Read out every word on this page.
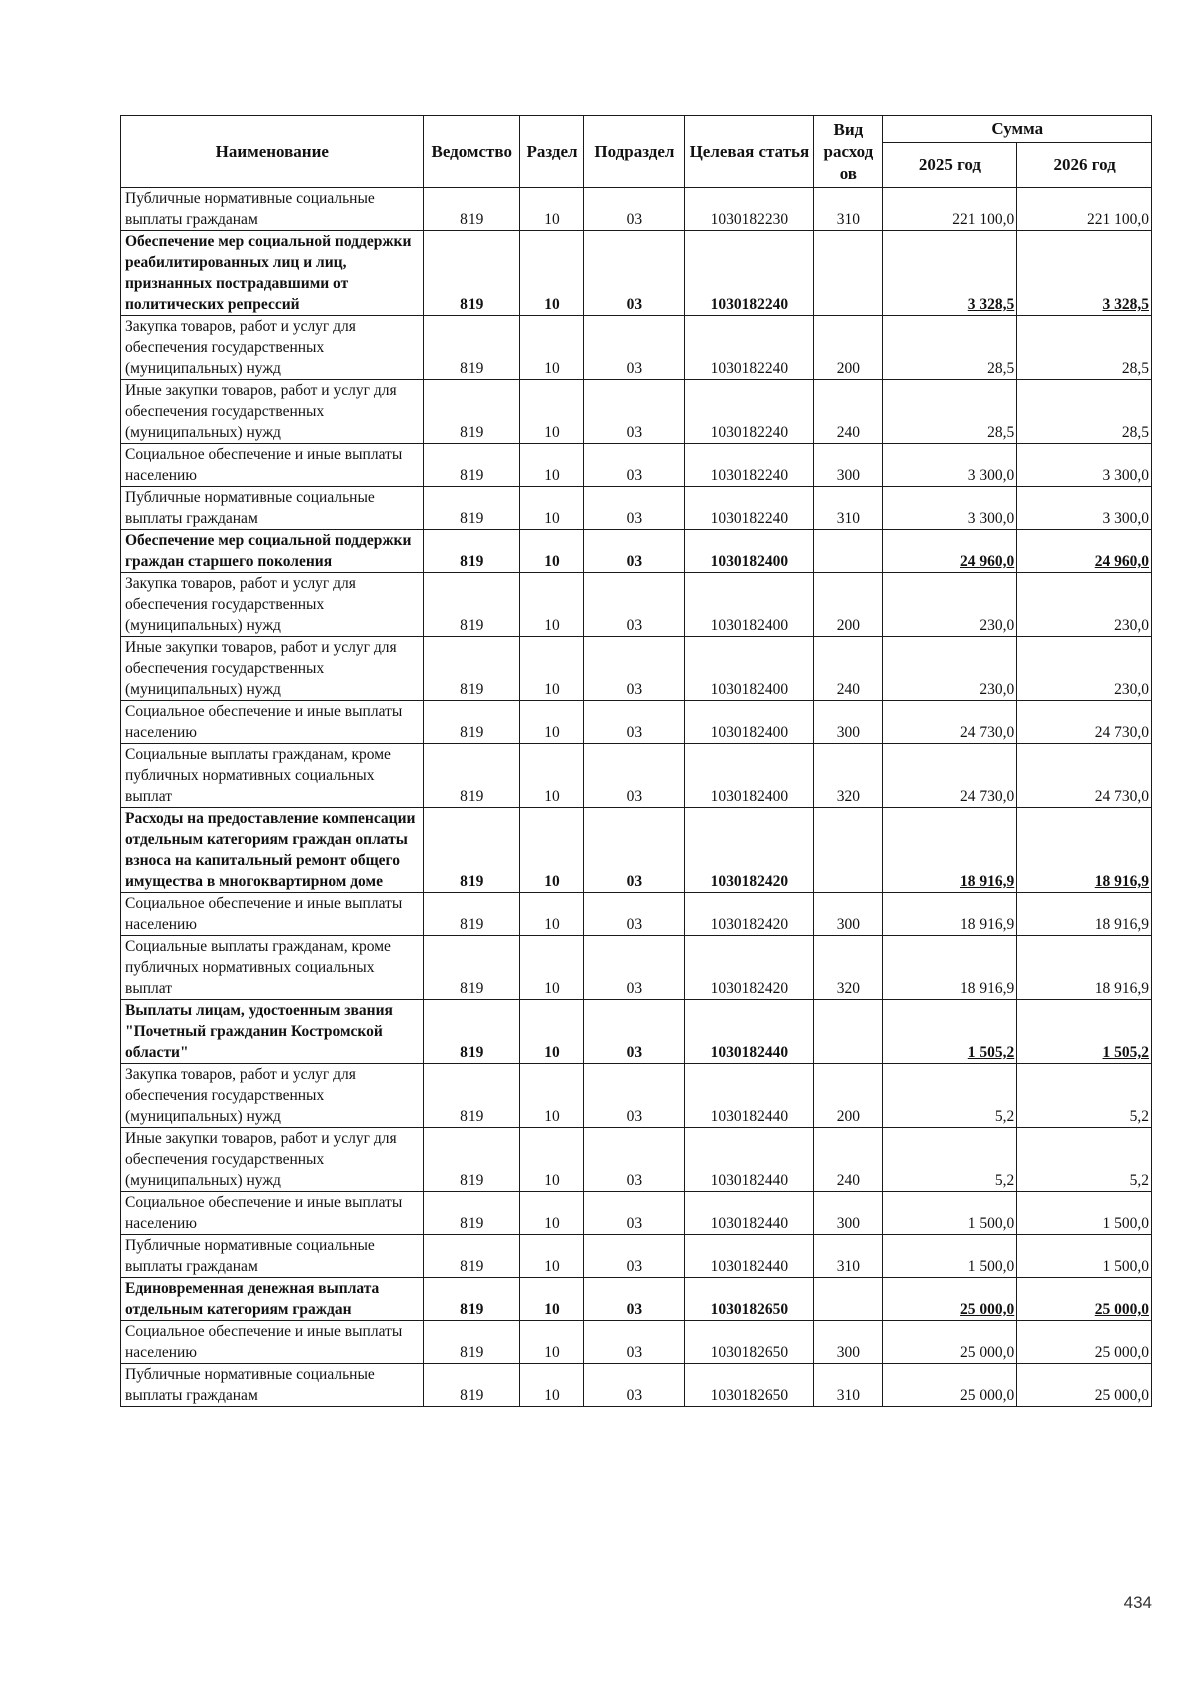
Наименование	Ведомство	Раздел	Подраздел	Целевая статья	Вид расход ов	Сумма	
						2025 год	2026 год
Публичные нормативные социальные выплаты гражданам	819	10	03	1030182230	310	221 100,0	221 100,0
Обеспечение мер социальной поддержки реабилитированных лиц и лиц, признанных пострадавшими от политических репрессий	819	10	03	1030182240		3 328,5	3 328,5
Закупка товаров, работ и услуг для обеспечения государственных (муниципальных) нужд	819	10	03	1030182240	200	28,5	28,5
Иные закупки товаров, работ и услуг для обеспечения государственных (муниципальных) нужд	819	10	03	1030182240	240	28,5	28,5
Социальное обеспечение и иные выплаты населению	819	10	03	1030182240	300	3 300,0	3 300,0
Публичные нормативные социальные выплаты гражданам	819	10	03	1030182240	310	3 300,0	3 300,0
Обеспечение мер социальной поддержки граждан старшего поколения	819	10	03	1030182400		24 960,0	24 960,0
Закупка товаров, работ и услуг для обеспечения государственных (муниципальных) нужд	819	10	03	1030182400	200	230,0	230,0
Иные закупки товаров, работ и услуг для обеспечения государственных (муниципальных) нужд	819	10	03	1030182400	240	230,0	230,0
Социальное обеспечение и иные выплаты населению	819	10	03	1030182400	300	24 730,0	24 730,0
Социальные выплаты гражданам, кроме публичных нормативных социальных выплат	819	10	03	1030182400	320	24 730,0	24 730,0
Расходы на предоставление компенсации отдельным категориям граждан оплаты взноса на капитальный ремонт общего имущества в многоквартирном доме	819	10	03	1030182420		18 916,9	18 916,9
Социальное обеспечение и иные выплаты населению	819	10	03	1030182420	300	18 916,9	18 916,9
Социальные выплаты гражданам, кроме публичных нормативных социальных выплат	819	10	03	1030182420	320	18 916,9	18 916,9
Выплаты лицам, удостоенным звания "Почетный гражданин Костромской области"	819	10	03	1030182440		1 505,2	1 505,2
Закупка товаров, работ и услуг для обеспечения государственных (муниципальных) нужд	819	10	03	1030182440	200	5,2	5,2
Иные закупки товаров, работ и услуг для обеспечения государственных (муниципальных) нужд	819	10	03	1030182440	240	5,2	5,2
Социальное обеспечение и иные выплаты населению	819	10	03	1030182440	300	1 500,0	1 500,0
Публичные нормативные социальные выплаты гражданам	819	10	03	1030182440	310	1 500,0	1 500,0
Единовременная денежная выплата отдельным категориям граждан	819	10	03	1030182650		25 000,0	25 000,0
Социальное обеспечение и иные выплаты населению	819	10	03	1030182650	300	25 000,0	25 000,0
Публичные нормативные социальные выплаты гражданам	819	10	03	1030182650	310	25 000,0	25 000,0
434
